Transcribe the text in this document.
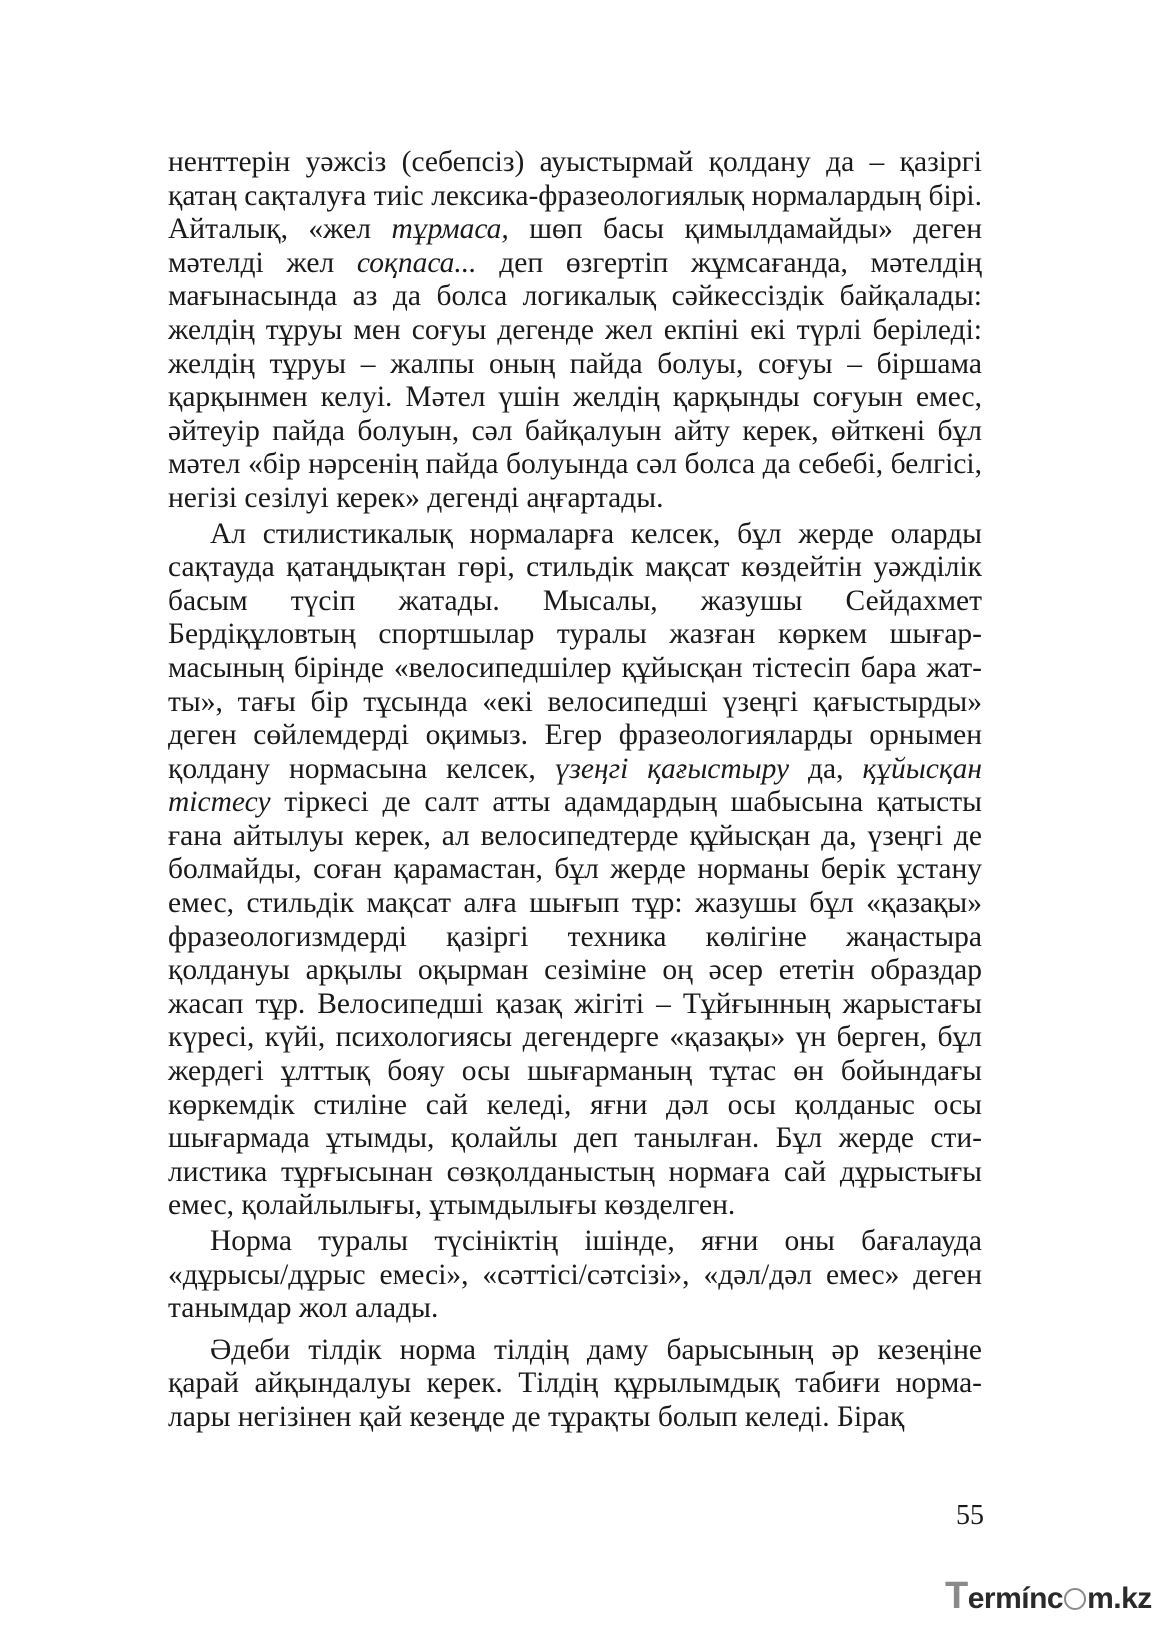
ненттерін уәжсіз (себепсіз) ауыстырмай қолдану да – қазіргі қатаң сақталуға тиіс лексика-фразеологиялық нормалардың бірі. Айталық, «жел тұрмаса, шөп басы қимылдамайды» деген мәтелді жел соқпаса... деп өзгертіп жұмсағанда, мәтелдің мағынасында аз да болса логикалық сәйкессіздік байқалады: желдің тұруы мен соғуы дегенде жел екпіні екі түрлі беріледі: желдің тұруы – жалпы оның пайда болуы, соғуы – біршама қарқынмен келуі. Мәтел үшін желдің қарқынды соғуын емес, әйтеуір пайда болуын, сәл байқалуын айту керек, өйткені бұл мәтел «бір нәрсенің пайда болуында сәл болса да себебі, белгісі, негізі сезілуі керек» дегенді аңғартады.

Ал стилистикалық нормаларға келсек, бұл жерде оларды сақтауда қатаңдықтан гөрі, стильдік мақсат көздейтін уәжділік басым түсіп жатады. Мысалы, жазушы Сейдахмет Бердіқұловтың спортшылар туралы жазған көркем шығармасының бірінде «велосипедшілер құйысқан тістесіп бара жатты», тағы бір тұсында «екі велосипедші үзеңгі қағыстырды» деген сөйлемдерді оқимыз. Егер фразеологияларды орнымен қолдану нормасына келсек, үзеңгі қағыстыру да, құйысқан тістесу тіркесі де салт атты адамдардың шабысына қатысты ғана айтылуы керек, ал велосипедтерде құйысқан да, үзеңгі де болмайды, соған қарамастан, бұл жерде норманы берік ұстану емес, стильдік мақсат алға шығып тұр: жазушы бұл «қазақы» фразеологизмдерді қазіргі техника көлігіне жаңастыра қолдануы арқылы оқырман сезіміне оң әсер ететін образдар жасап тұр. Велосипедші қазақ жігіті – Тұйғынның жарыстағы күресі, күйі, психологиясы дегендерге «қазақы» үн берген, бұл жердегі ұлттық бояу осы шығарманың тұтас өн бойындағы көркемдік стиліне сай келеді, яғни дәл осы қолданыс осы шығармада ұтымды, қолайлы деп танылған. Бұл жерде стилистика тұрғысынан сөзқолданыстың нормаға сай дұрыстығы емес, қолайлылығы, ұтымдылығы көзделген.

Норма туралы түсініктің ішінде, яғни оны бағалауда «дұрысы/дұрыс емесі», «сәттісі/сәтсізі», «дәл/дәл емес» деген танымдар жол алады.

Әдеби тілдік норма тілдің даму барысының әр кезеңіне қарай айқындалуы керек. Тілдің құрылымдық табиғи нормалары негізінен қай кезеңде де тұрақты болып келеді. Бірақ

55
Termínc m.kz
